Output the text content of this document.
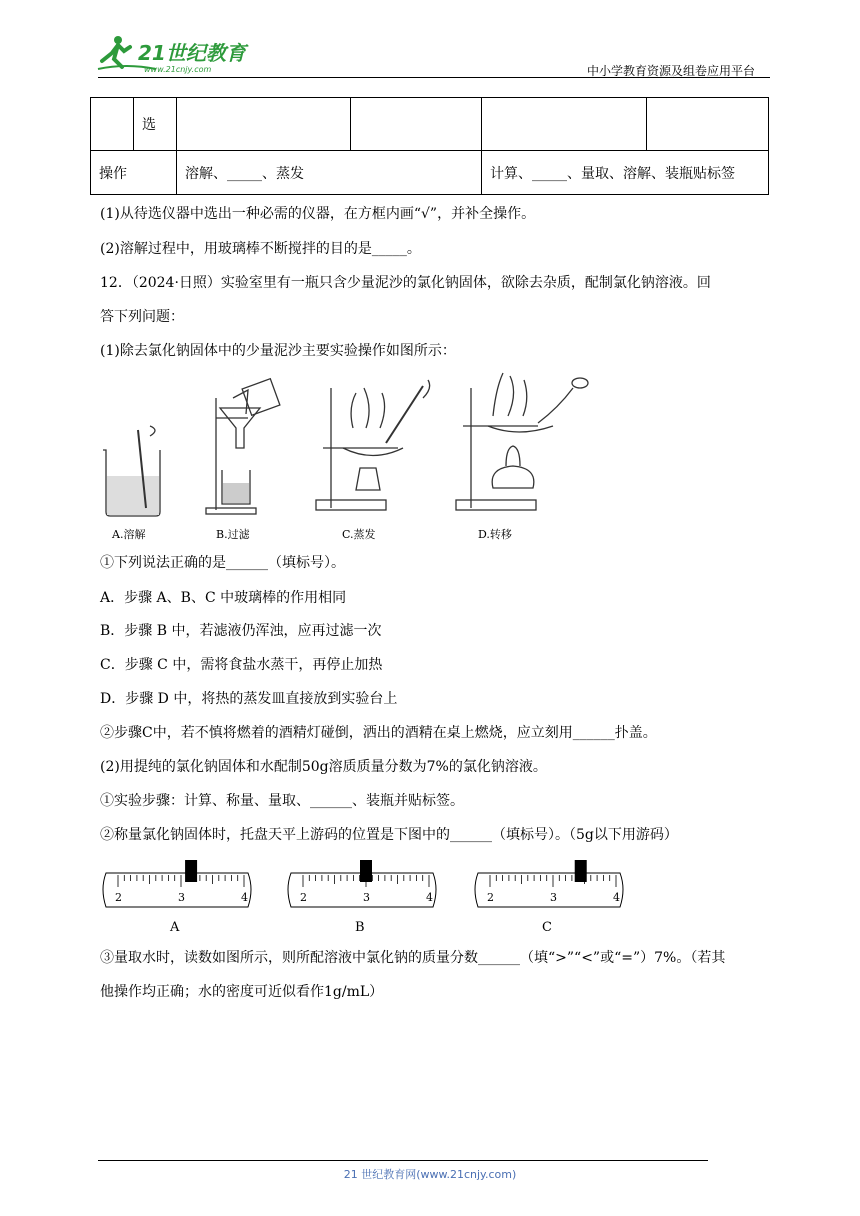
21世纪教育
www.21cnjy.com	中小学教育资源及组卷应用平台
	选				
操作		溶解、_____、蒸发		计算、_____、量取、溶解、装瓶贴标签	
(1)从待选仪器中选出一种必需的仪器，在方框内画“√”，并补全操作。
(2)溶解过程中，用玻璃棒不断搅拌的目的是_____。
12．（2024·日照）实验室里有一瓶只含少量泥沙的氯化钠固体，欲除去杂质，配制氯化钠溶液。回
答下列问题：
(1)除去氯化钠固体中的少量泥沙主要实验操作如图所示：
A.溶解	B.过滤	C.蒸发	D.转移
①下列说法正确的是______（填标号）。
A．步骤 A、B、C 中玻璃棒的作用相同
B．步骤 B 中，若滤液仍浑浊，应再过滤一次
C．步骤 C 中，需将食盐水蒸干，再停止加热
D．步骤 D 中，将热的蒸发皿直接放到实验台上
②步骤C中，若不慎将燃着的酒精灯碰倒，洒出的酒精在桌上燃烧，应立刻用______扑盖。
(2)用提纯的氯化钠固体和水配制50g溶质质量分数为7%的氯化钠溶液。
①实验步骤：计算、称量、量取、______、装瓶并贴标签。
②称量氯化钠固体时，托盘天平上游码的位置是下图中的______（填标号）。（5g以下用游码）
2	3	4
A
2	3	4
B
2	3	4
C
③量取水时，读数如图所示，则所配溶液中氯化钠的质量分数______（填“>”“<”或“=”）7%。（若其
他操作均正确；水的密度可近似看作1g/mL）
21 世纪教育网(www.21cnjy.com)
